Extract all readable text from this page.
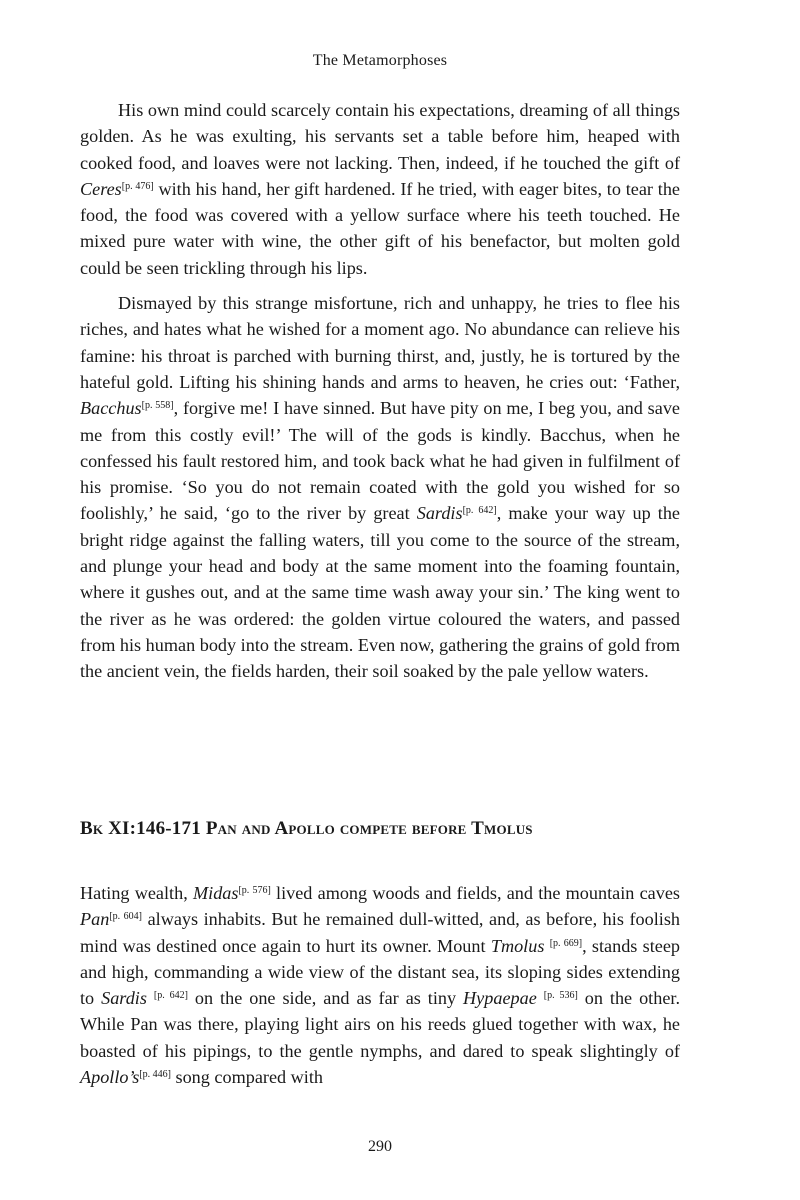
The Metamorphoses

His own mind could scarcely contain his expectations, dreaming of all things golden. As he was exulting, his servants set a table before him, heaped with cooked food, and loaves were not lacking. Then, indeed, if he touched the gift of Ceres[p. 476] with his hand, her gift hardened. If he tried, with eager bites, to tear the food, the food was covered with a yellow surface where his teeth touched. He mixed pure water with wine, the other gift of his benefactor, but molten gold could be seen trickling through his lips.

Dismayed by this strange misfortune, rich and unhappy, he tries to flee his riches, and hates what he wished for a moment ago. No abundance can relieve his famine: his throat is parched with burning thirst, and, justly, he is tortured by the hateful gold. Lifting his shining hands and arms to heaven, he cries out: ‘Father, Bacchus[p. 558], forgive me! I have sinned. But have pity on me, I beg you, and save me from this costly evil!’ The will of the gods is kindly. Bacchus, when he confessed his fault restored him, and took back what he had given in fulfilment of his promise. ‘So you do not remain coated with the gold you wished for so foolishly,’ he said, ‘go to the river by great Sardis[p. 642], make your way up the bright ridge against the falling waters, till you come to the source of the stream, and plunge your head and body at the same moment into the foaming fountain, where it gushes out, and at the same time wash away your sin.’ The king went to the river as he was ordered: the golden virtue coloured the waters, and passed from his human body into the stream. Even now, gathering the grains of gold from the ancient vein, the fields harden, their soil soaked by the pale yellow waters.

Bk XI:146-171 Pan and Apollo compete before Tmolus

Hating wealth, Midas[p. 576] lived among woods and fields, and the mountain caves Pan[p. 604] always inhabits. But he remained dull-witted, and, as before, his foolish mind was destined once again to hurt its owner. Mount Tmolus [p. 669], stands steep and high, commanding a wide view of the distant sea, its sloping sides extending to Sardis [p. 642] on the one side, and as far as tiny Hypaepae [p. 536] on the other. While Pan was there, playing light airs on his reeds glued together with wax, he boasted of his pipings, to the gentle nymphs, and dared to speak slightingly of Apollo’s[p. 446] song compared with

290
